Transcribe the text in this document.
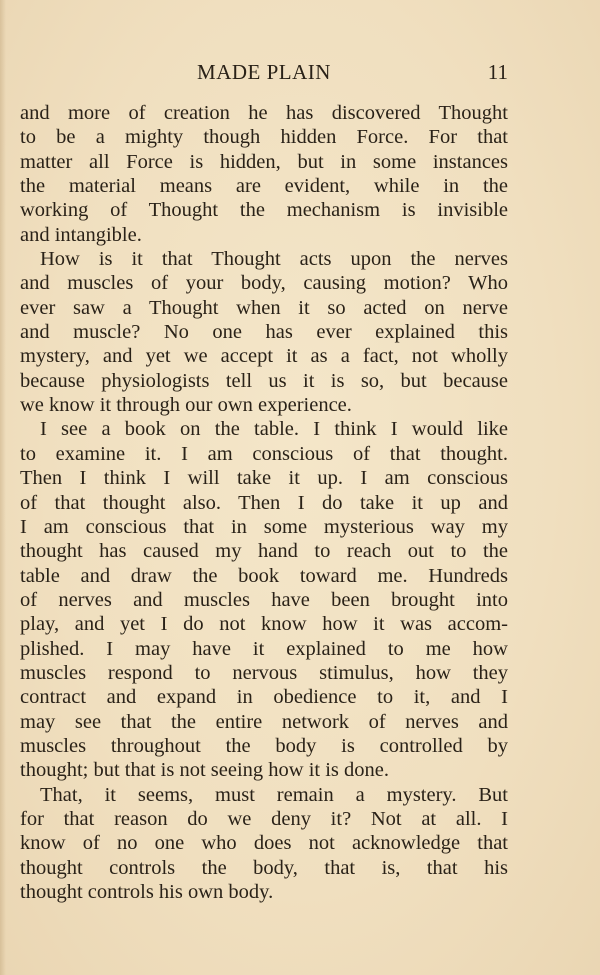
MADE PLAIN	11
and more of creation he has discovered Thought
to be a mighty though hidden Force. For that
matter all Force is hidden, but in some instances
the material means are evident, while in the
working of Thought the mechanism is invisible
and intangible.
How is it that Thought acts upon the nerves
and muscles of your body, causing motion? Who
ever saw a Thought when it so acted on nerve
and muscle? No one has ever explained this
mystery, and yet we accept it as a fact, not wholly
because physiologists tell us it is so, but because
we know it through our own experience.
I see a book on the table. I think I would like
to examine it. I am conscious of that thought.
Then I think I will take it up. I am conscious
of that thought also. Then I do take it up and
I am conscious that in some mysterious way my
thought has caused my hand to reach out to the
table and draw the book toward me. Hundreds
of nerves and muscles have been brought into
play, and yet I do not know how it was accom-
plished. I may have it explained to me how
muscles respond to nervous stimulus, how they
contract and expand in obedience to it, and I
may see that the entire network of nerves and
muscles throughout the body is controlled by
thought; but that is not seeing how it is done.
That, it seems, must remain a mystery. But
for that reason do we deny it? Not at all. I
know of no one who does not acknowledge that
thought controls the body, that is, that his
thought controls his own body.
